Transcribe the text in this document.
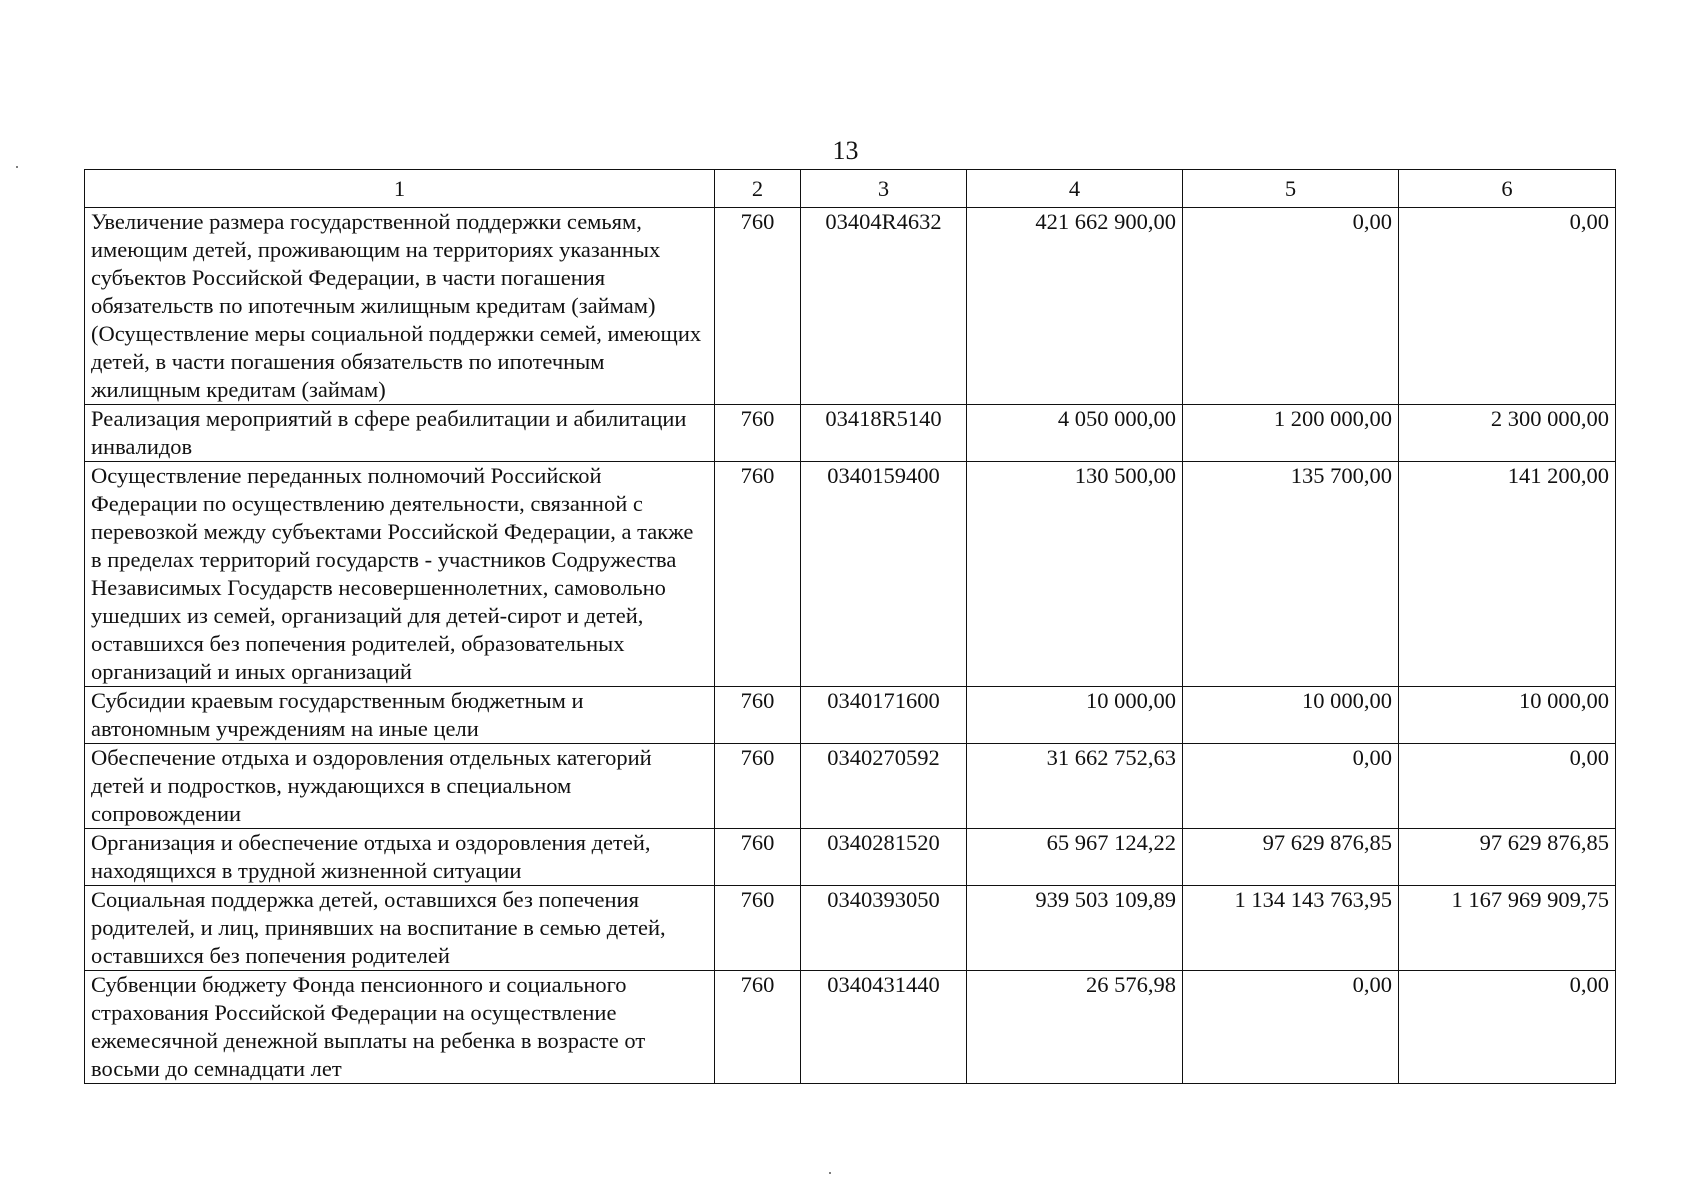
13
1	2	3	4	5	6
Увеличение размера государственной поддержки семьям, имеющим детей, проживающим на территориях указанных субъектов Российской Федерации, в части погашения обязательств по ипотечным жилищным кредитам (займам) (Осуществление меры социальной поддержки семей, имеющих детей, в части погашения обязательств по ипотечным жилищным кредитам (займам)	760	03404R4632	421 662 900,00	0,00	0,00
Реализация мероприятий в сфере реабилитации и абилитации инвалидов	760	03418R5140	4 050 000,00	1 200 000,00	2 300 000,00
Осуществление переданных полномочий Российской Федерации по осуществлению деятельности, связанной с перевозкой между субъектами Российской Федерации, а также в пределах территорий государств - участников Содружества Независимых Государств несовершеннолетних, самовольно ушедших из семей, организаций для детей-сирот и детей, оставшихся без попечения родителей, образовательных организаций и иных организаций	760	0340159400	130 500,00	135 700,00	141 200,00
Субсидии краевым государственным бюджетным и автономным учреждениям на иные цели	760	0340171600	10 000,00	10 000,00	10 000,00
Обеспечение отдыха и оздоровления отдельных категорий детей и подростков, нуждающихся в специальном сопровождении	760	0340270592	31 662 752,63	0,00	0,00
Организация и обеспечение отдыха и оздоровления детей, находящихся в трудной жизненной ситуации	760	0340281520	65 967 124,22	97 629 876,85	97 629 876,85
Социальная поддержка детей, оставшихся без попечения родителей, и лиц, принявших на воспитание в семью детей, оставшихся без попечения родителей	760	0340393050	939 503 109,89	1 134 143 763,95	1 167 969 909,75
Субвенции бюджету Фонда пенсионного и социального страхования Российской Федерации на осуществление ежемесячной денежной выплаты на ребенка в возрасте от восьми до семнадцати лет	760	0340431440	26 576,98	0,00	0,00
